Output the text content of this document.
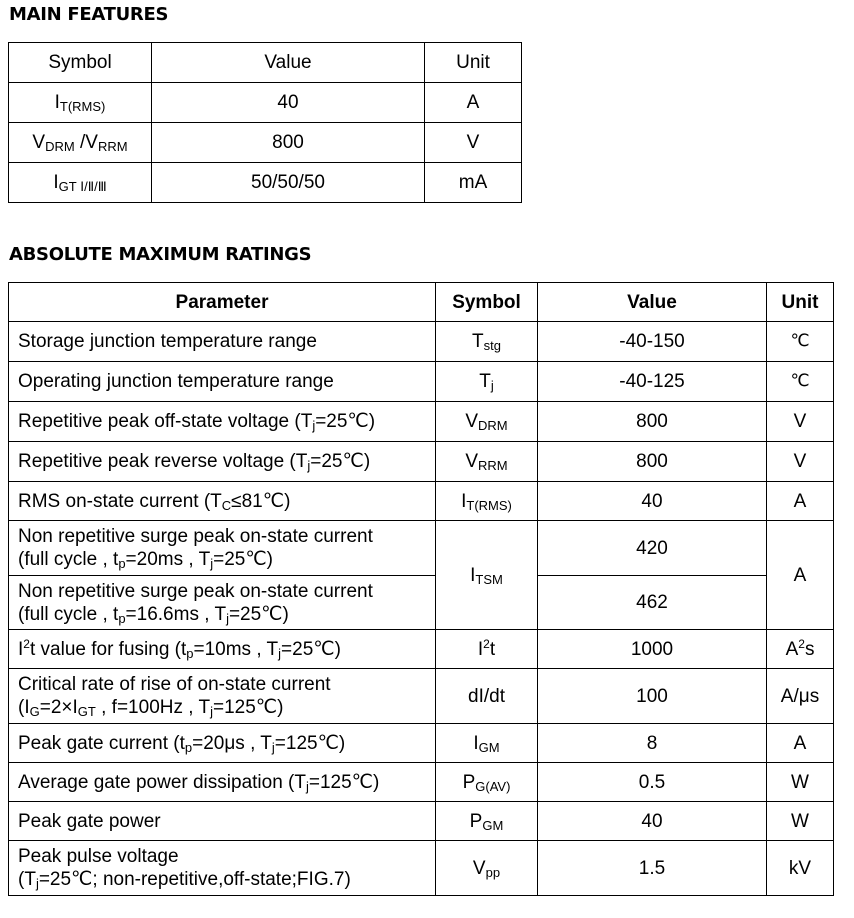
MAIN FEATURES
Symbol	Value	Unit
$I_{T(RMS)}$	40	A
$V_{DRM}$ $/V_{RRM}$	800	V
$I_{GT}$ $_{Ⅰ/Ⅱ/Ⅲ}$	50/50/50	mA
ABSOLUTE MAXIMUM RATINGS
Parameter	Symbol	Value	Unit
Storage junction temperature range	$T_{stg}$	-40-150	℃
Operating junction temperature range	$T_j$	-40-125	℃
Repetitive peak off-state voltage $(T_j=25℃)$	$V_{DRM}$	800	V
Repetitive peak reverse voltage $(T_j=25℃)$	$V_{RRM}$	800	V
RMS on-state current $(T_C\le 81℃)$	$I_{T(RMS)}$	40	A
Non repetitive surge peak on-state current
(full cycle , $t_p=20ms$ , $T_j=25℃$)	$I_{TSM}$	420	A
Non repetitive surge peak on-state current
(full cycle , $t_p=16.6ms$ , $T_j=25℃$)		462	
$I^2t$ value for fusing ($t_p=10ms$ , $T_j=25℃$)	$I^2t$	1000	$A^2s$
Critical rate of rise of on-state current
($I_G=2\times I_{GT}$ , f=100Hz , $T_j=125℃$)	dI/dt	100	A/μs
Peak gate current ($t_p=20\mu s$ , $T_j=125℃$)	$I_{GM}$	8	A
Average gate power dissipation $(T_j=125℃)$	$P_{G(AV)}$	0.5	W
Peak gate power	$P_{GM}$	40	W
Peak pulse voltage
($T_j=25℃$; non-repetitive,off-state;FIG.7)	$V_{pp}$	1.5	kV
